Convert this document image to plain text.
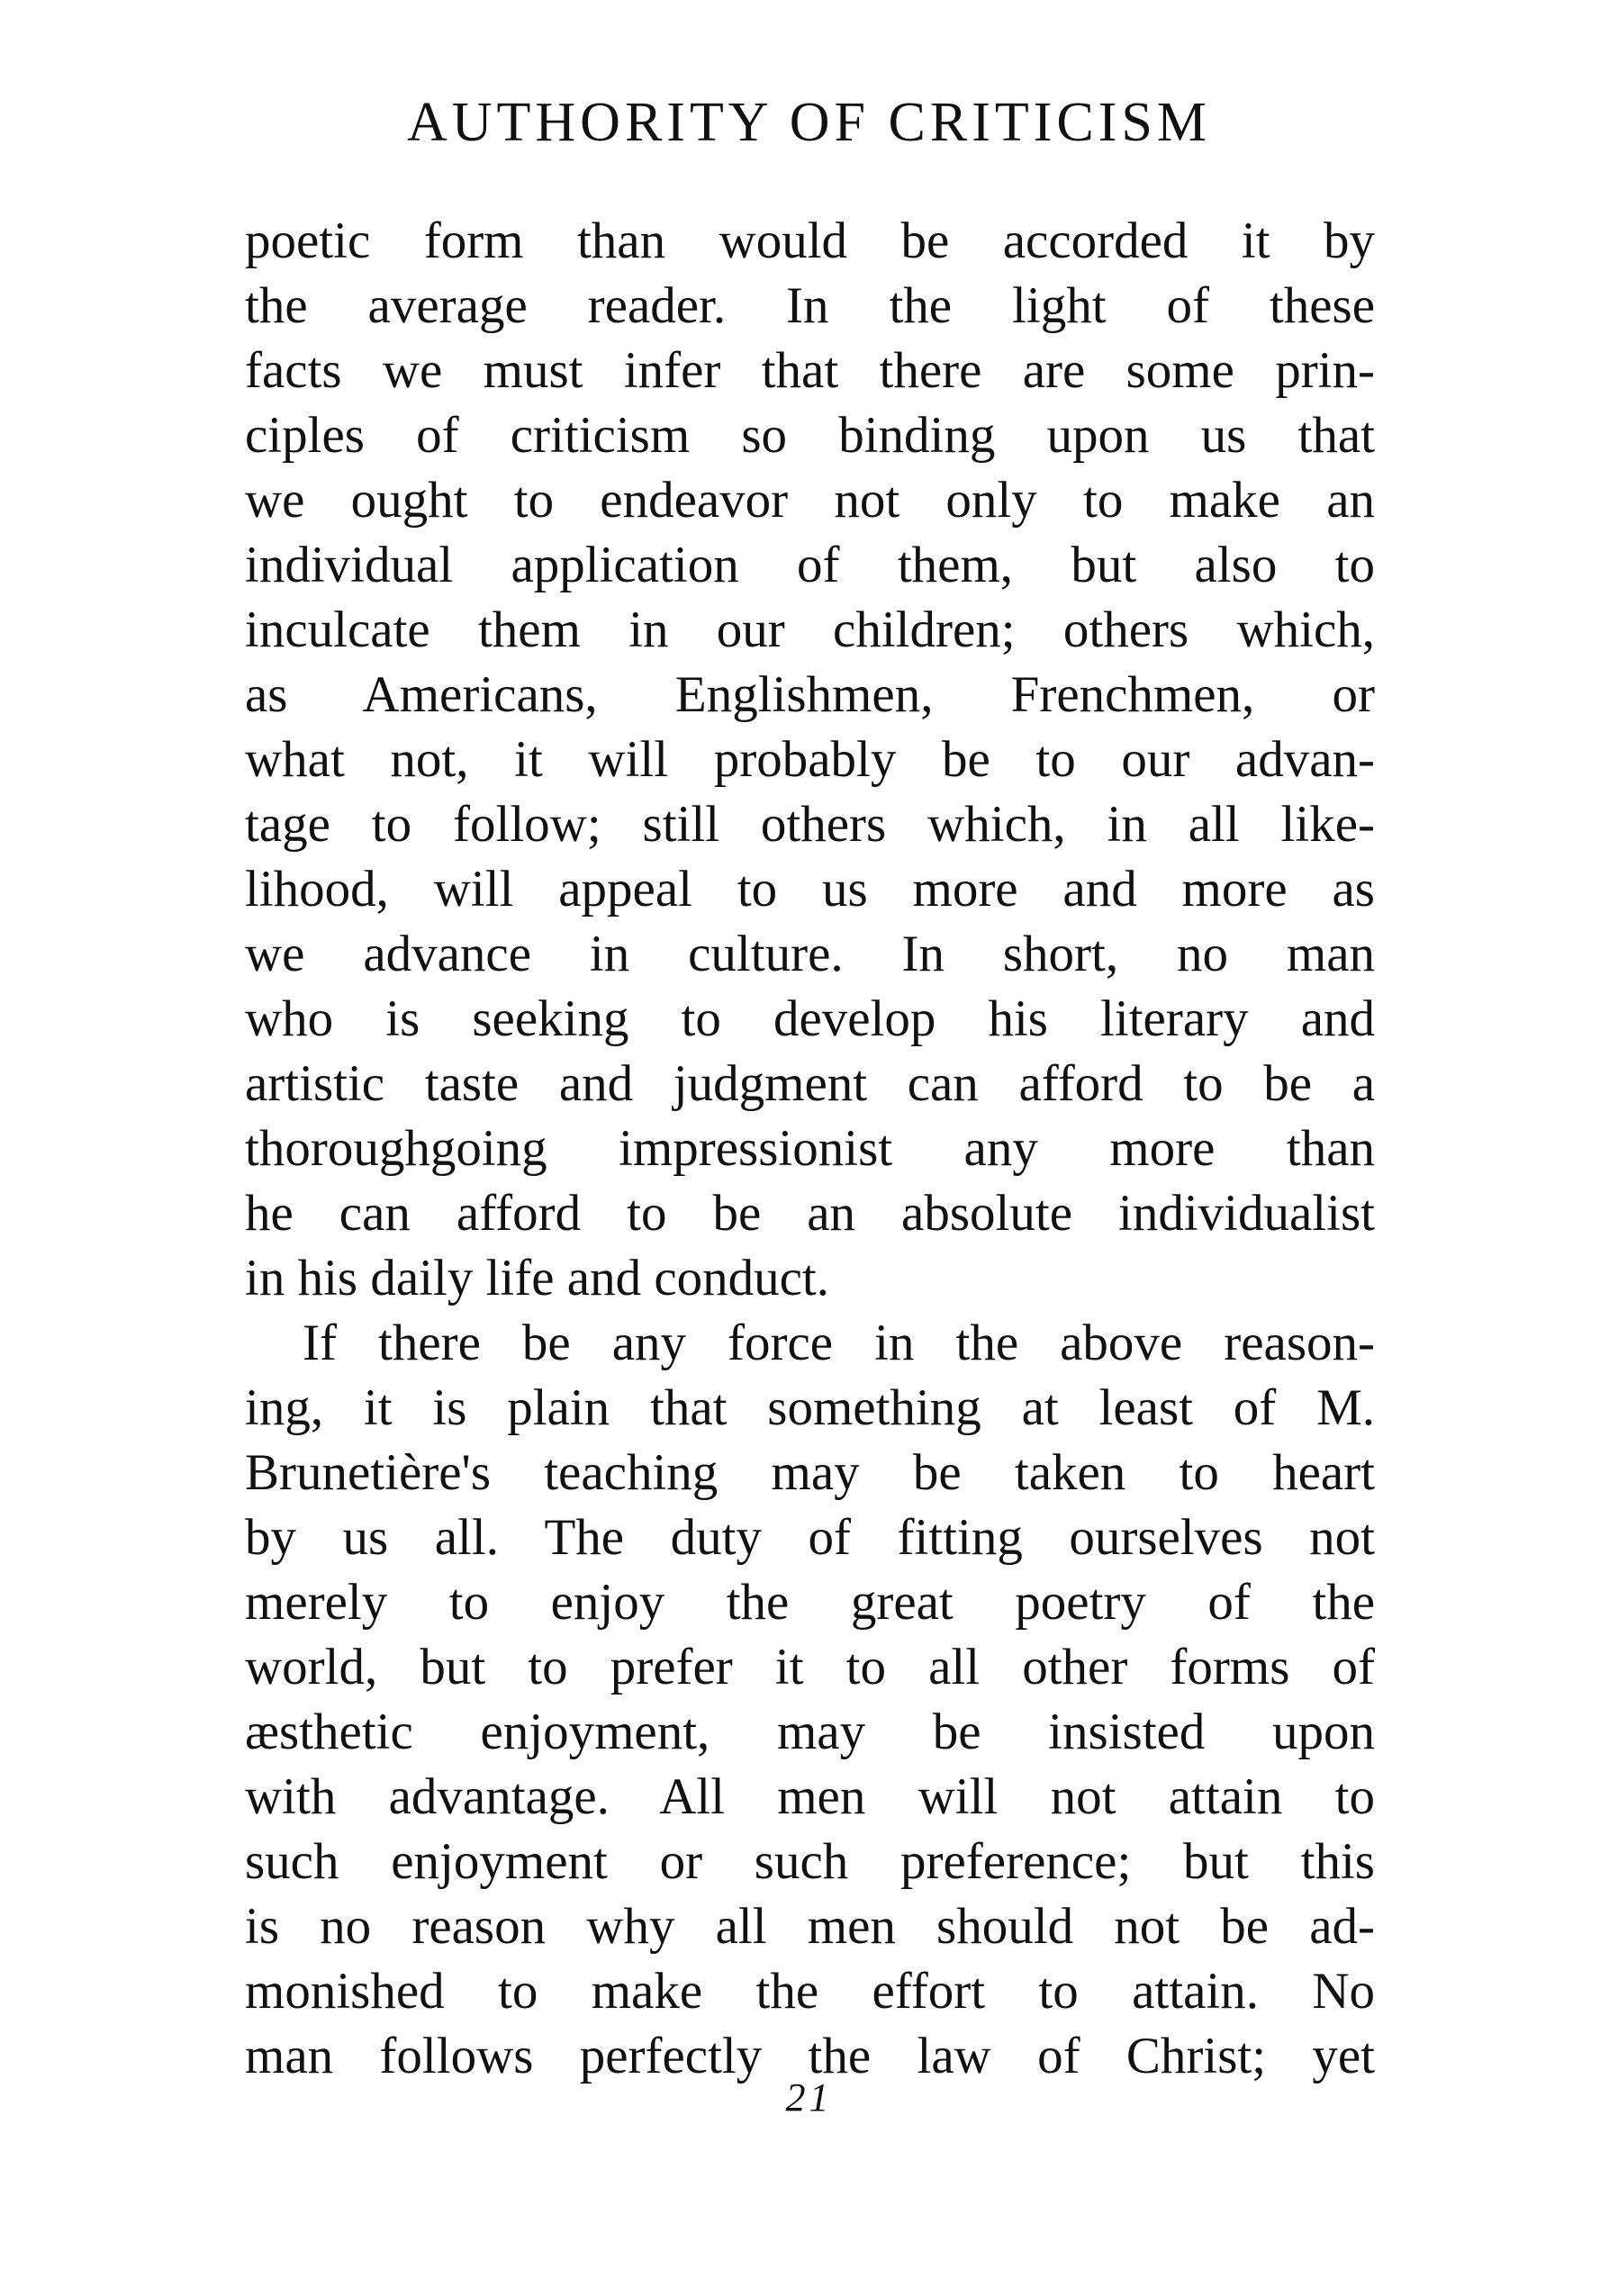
AUTHORITY OF CRITICISM
poetic form than would be accorded it by
the average reader. In the light of these
facts we must infer that there are some prin-
ciples of criticism so binding upon us that
we ought to endeavor not only to make an
individual application of them, but also to
inculcate them in our children; others which,
as Americans, Englishmen, Frenchmen, or
what not, it will probably be to our advan-
tage to follow; still others which, in all like-
lihood, will appeal to us more and more as
we advance in culture. In short, no man
who is seeking to develop his literary and
artistic taste and judgment can afford to be a
thoroughgoing impressionist any more than
he can afford to be an absolute individualist
in his daily life and conduct.
If there be any force in the above reason-
ing, it is plain that something at least of M.
Brunetière's teaching may be taken to heart
by us all. The duty of fitting ourselves not
merely to enjoy the great poetry of the
world, but to prefer it to all other forms of
æsthetic enjoyment, may be insisted upon
with advantage. All men will not attain to
such enjoyment or such preference; but this
is no reason why all men should not be ad-
monished to make the effort to attain. No
man follows perfectly the law of Christ; yet
21
